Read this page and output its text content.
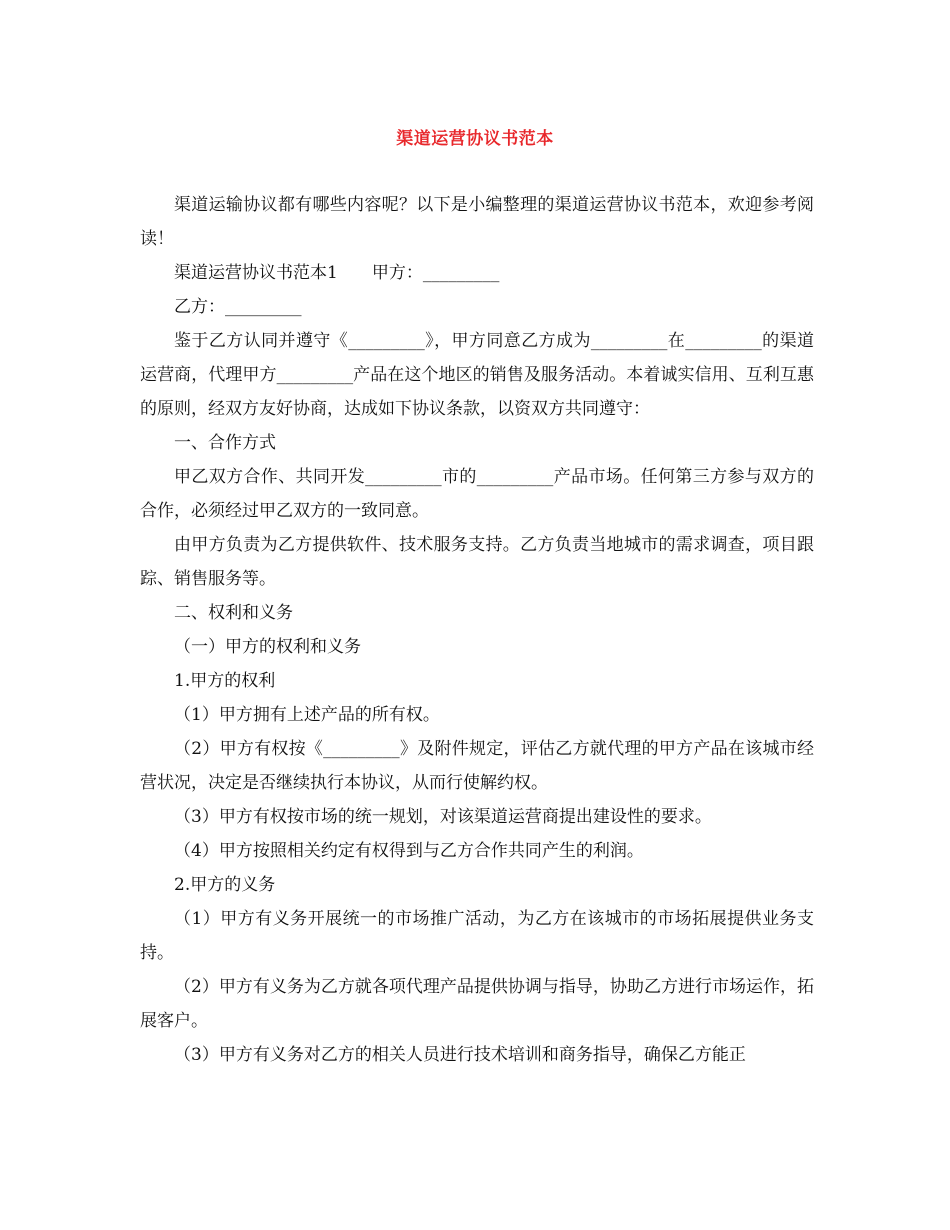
渠道运营协议书范本

渠道运输协议都有哪些内容呢？以下是小编整理的渠道运营协议书范本，欢迎参考阅读！

渠道运营协议书范本1　　甲方：_________

乙方：_________

鉴于乙方认同并遵守《_________》，甲方同意乙方成为_________在_________的渠道运营商，代理甲方_________产品在这个地区的销售及服务活动。本着诚实信用、互利互惠的原则，经双方友好协商，达成如下协议条款，以资双方共同遵守：

一、合作方式

甲乙双方合作、共同开发_________市的_________产品市场。任何第三方参与双方的合作，必须经过甲乙双方的一致同意。

由甲方负责为乙方提供软件、技术服务支持。乙方负责当地城市的需求调查，项目跟踪、销售服务等。

二、权利和义务

（一）甲方的权利和义务

1.甲方的权利

（1）甲方拥有上述产品的所有权。

（2）甲方有权按《_________》及附件规定，评估乙方就代理的甲方产品在该城市经营状况，决定是否继续执行本协议，从而行使解约权。

（3）甲方有权按市场的统一规划，对该渠道运营商提出建设性的要求。

（4）甲方按照相关约定有权得到与乙方合作共同产生的利润。

2.甲方的义务

（1）甲方有义务开展统一的市场推广活动，为乙方在该城市的市场拓展提供业务支持。

（2）甲方有义务为乙方就各项代理产品提供协调与指导，协助乙方进行市场运作，拓展客户。

（3）甲方有义务对乙方的相关人员进行技术培训和商务指导，确保乙方能正
